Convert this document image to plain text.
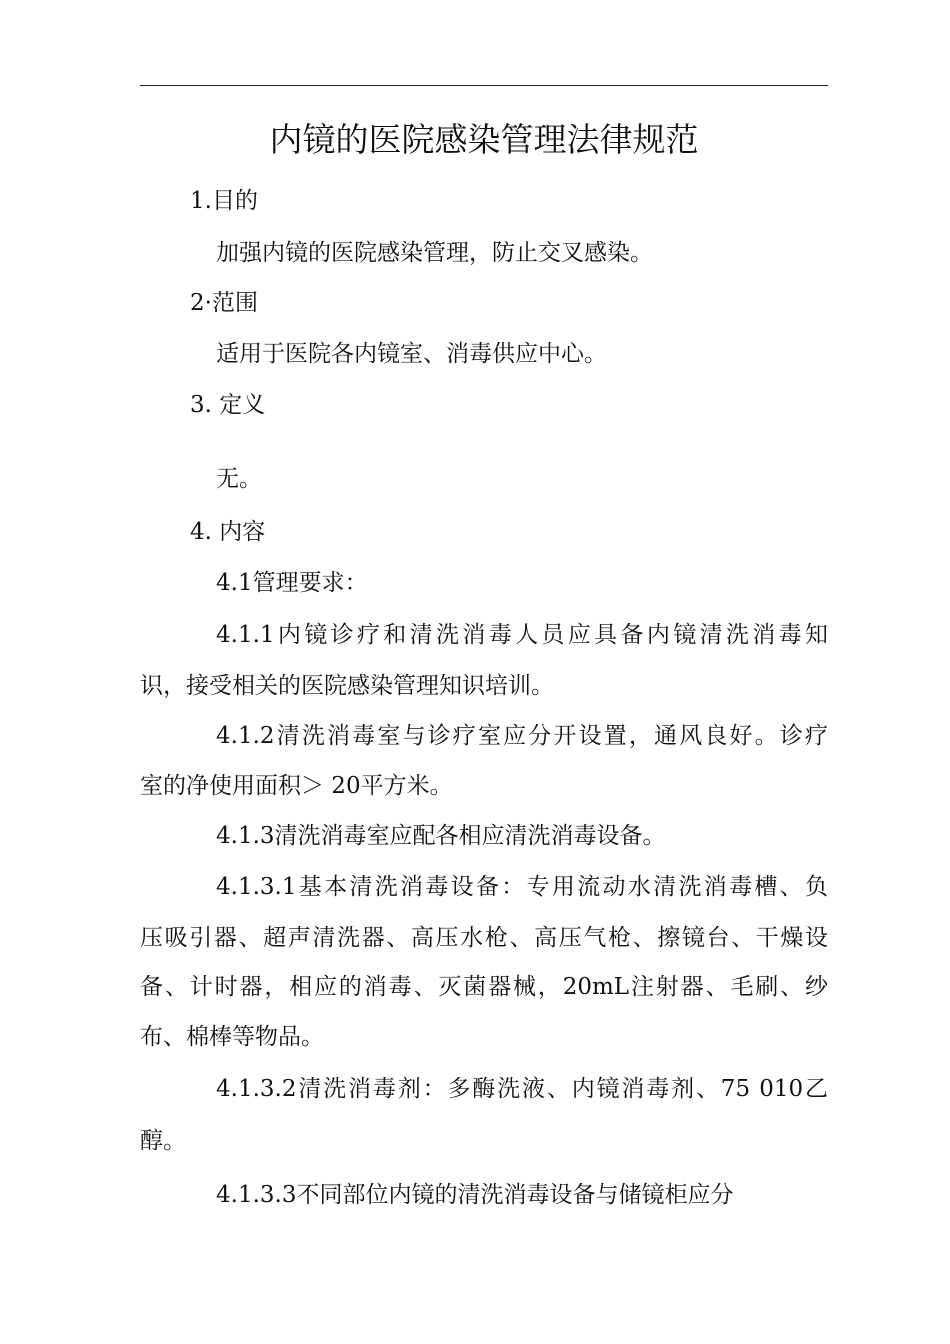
内镜的医院感染管理法律规范
1.目的
加强内镜的医院感染管理，防止交叉感染。
2·范围
适用于医院各内镜室、消毒供应中心。
3. 定义
无。
4. 内容
4.1管理要求：
4.1.1内镜诊疗和清洗消毒人员应具备内镜清洗消毒知
识，接受相关的医院感染管理知识培训。
4.1.2清洗消毒室与诊疗室应分开设置，通风良好。诊疗
室的净使用面积＞ 20平方米。
4.1.3清洗消毒室应配各相应清洗消毒设备。
4.1.3.1基本清洗消毒设备：专用流动水清洗消毒槽、负
压吸引器、超声清洗器、高压水枪、高压气枪、擦镜台、干燥设
备、计时器，相应的消毒、灭菌器械，20mL注射器、毛刷、纱
布、棉棒等物品。
4.1.3.2清洗消毒剂：多酶洗液、内镜消毒剂、75 010乙
醇。
4.1.3.3不同部位内镜的清洗消毒设备与储镜柜应分
